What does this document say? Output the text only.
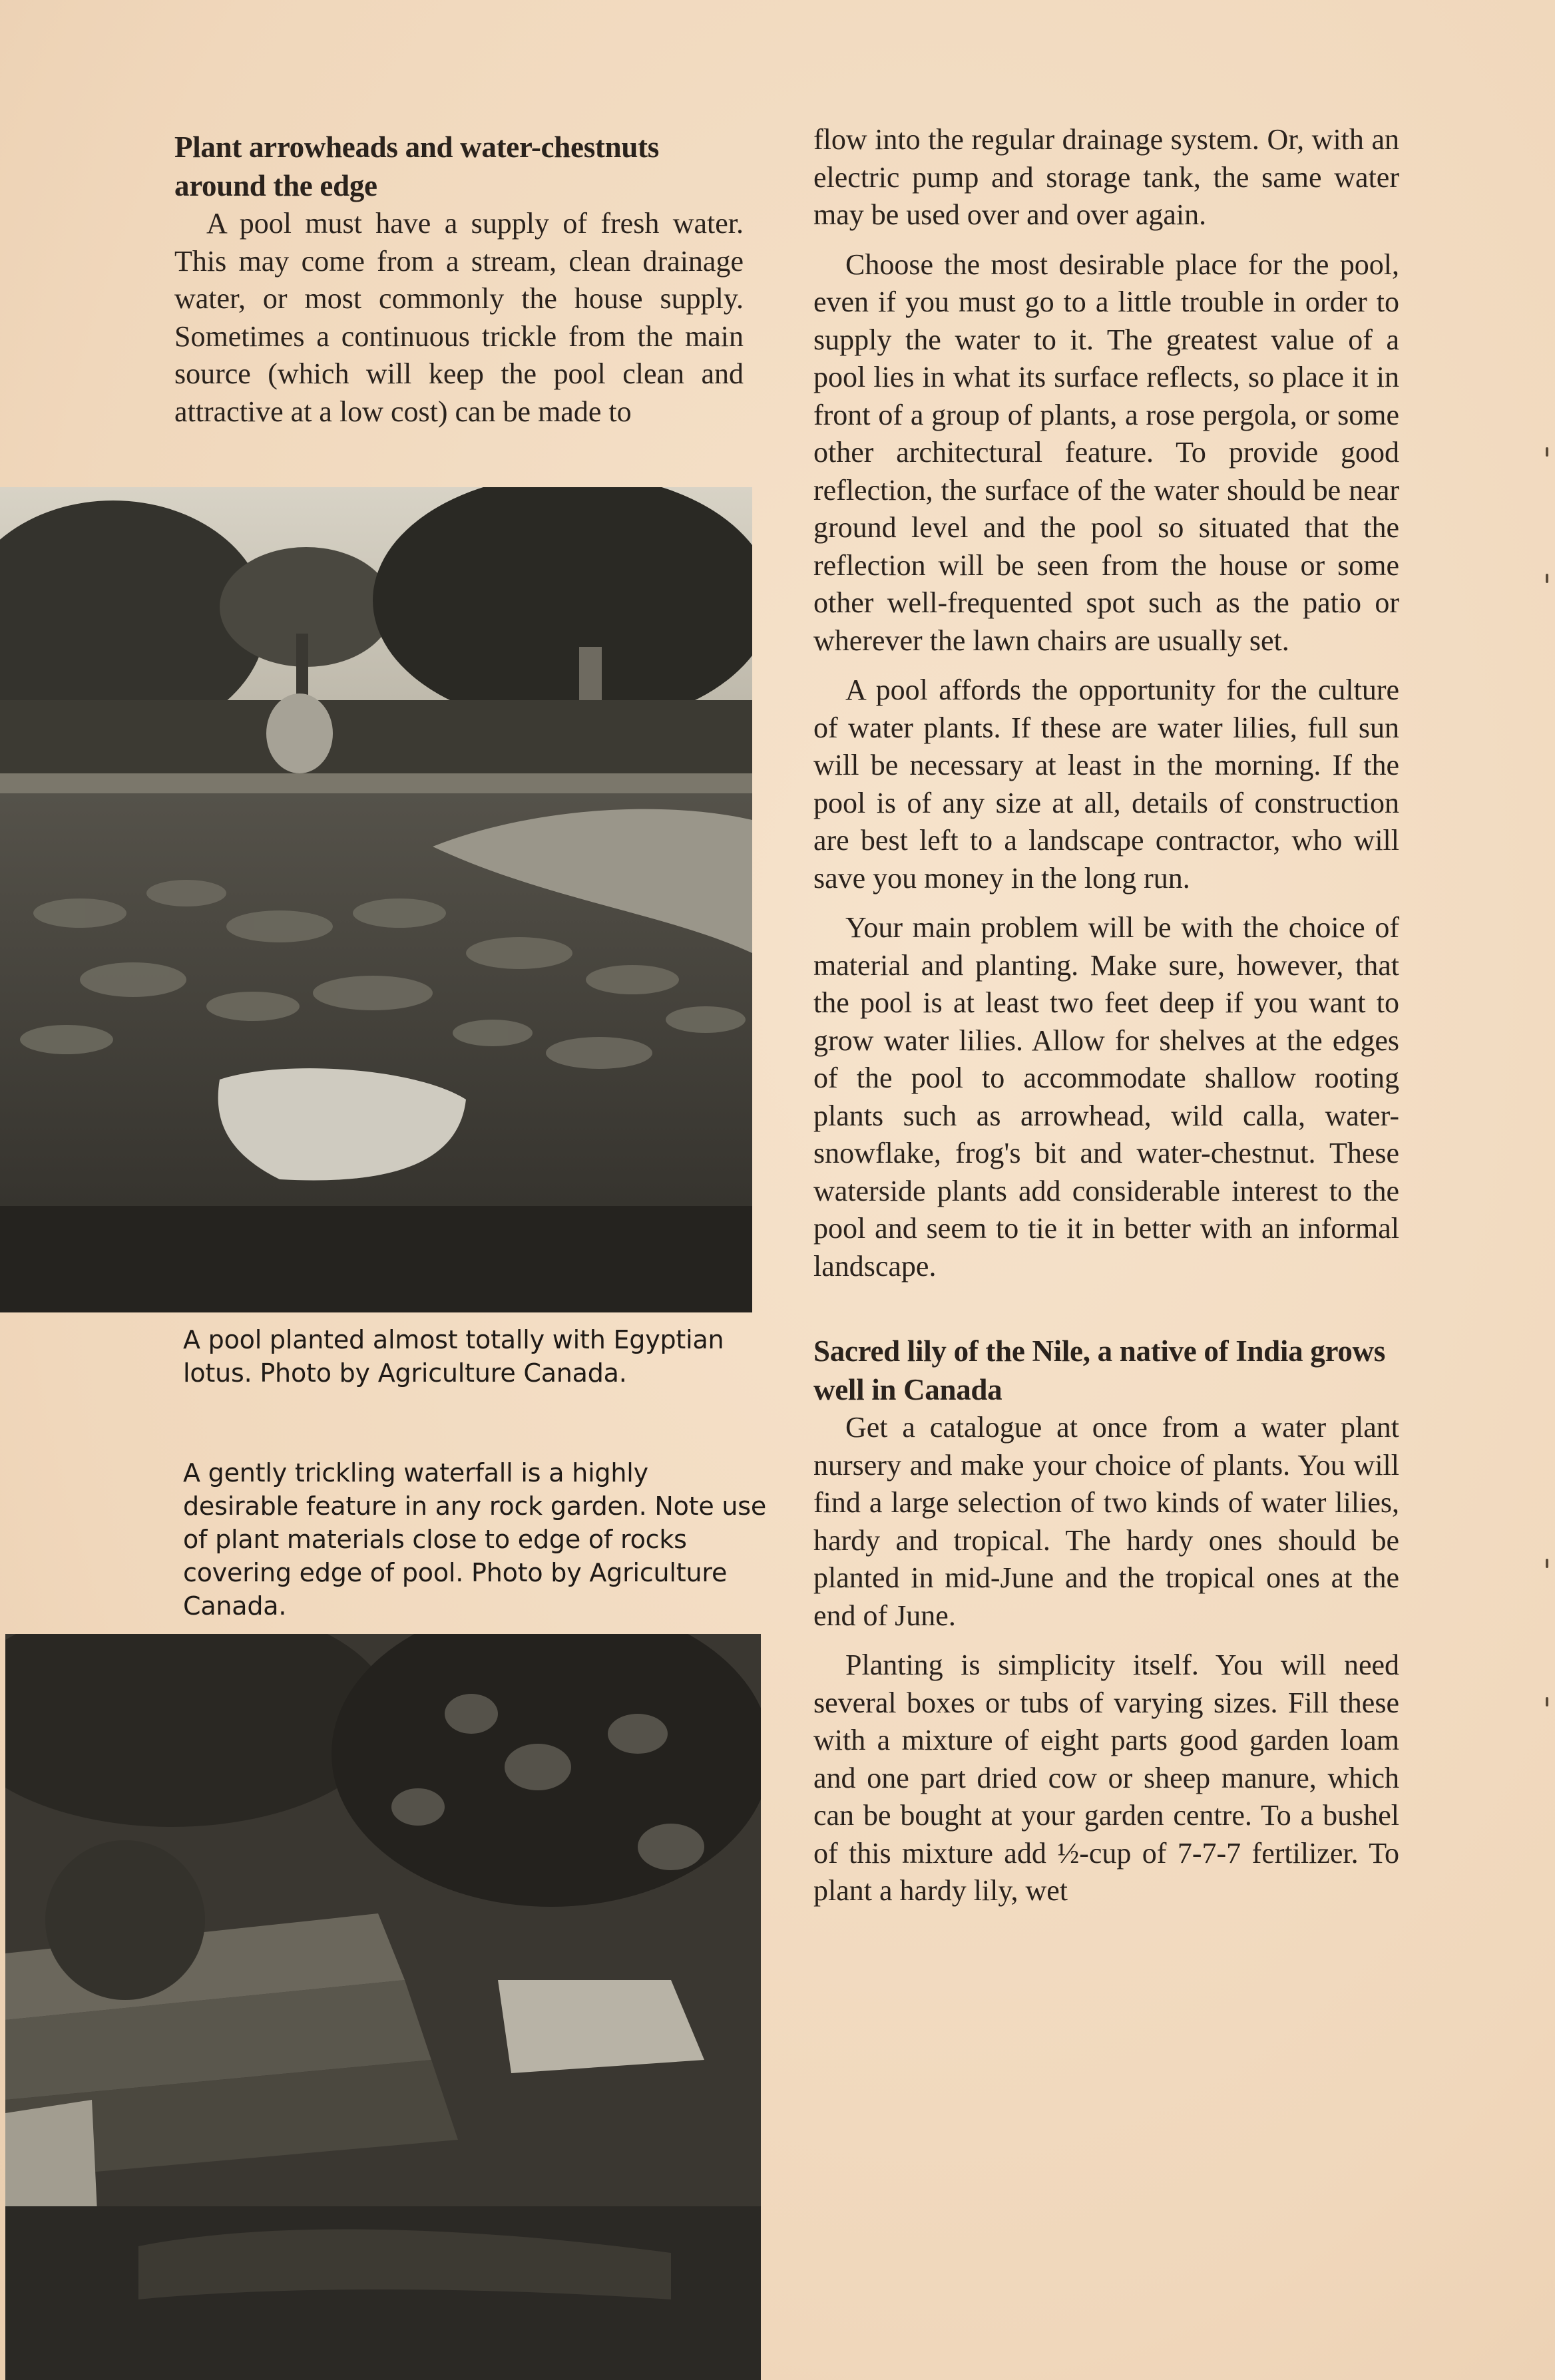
Plant arrowheads and water-chestnuts around the edge

A pool must have a supply of fresh water. This may come from a stream, clean drainage water, or most commonly the house supply. Sometimes a continuous trickle from the main source (which will keep the pool clean and attractive at a low cost) can be made to

A pool planted almost totally with Egyptian lotus. Photo by Agriculture Canada.

A gently trickling waterfall is a highly desirable feature in any rock garden. Note use of plant materials close to edge of rocks covering edge of pool. Photo by Agriculture Canada.

flow into the regular drainage system. Or, with an electric pump and storage tank, the same water may be used over and over again.

Choose the most desirable place for the pool, even if you must go to a little trouble in order to supply the water to it. The greatest value of a pool lies in what its surface reflects, so place it in front of a group of plants, a rose pergola, or some other architectural feature. To provide good reflection, the surface of the water should be near ground level and the pool so situated that the reflection will be seen from the house or some other well-frequented spot such as the patio or wherever the lawn chairs are usually set.

A pool affords the opportunity for the culture of water plants. If these are water lilies, full sun will be necessary at least in the morning. If the pool is of any size at all, details of construction are best left to a landscape contractor, who will save you money in the long run.

Your main problem will be with the choice of material and planting. Make sure, however, that the pool is at least two feet deep if you want to grow water lilies. Allow for shelves at the edges of the pool to accommodate shallow rooting plants such as arrowhead, wild calla, water-snowflake, frog's bit and water-chestnut. These waterside plants add considerable interest to the pool and seem to tie it in better with an informal landscape.

Sacred lily of the Nile, a native of India grows well in Canada

Get a catalogue at once from a water plant nursery and make your choice of plants. You will find a large selection of two kinds of water lilies, hardy and tropical. The hardy ones should be planted in mid-June and the tropical ones at the end of June.

Planting is simplicity itself. You will need several boxes or tubs of varying sizes. Fill these with a mixture of eight parts good garden loam and one part dried cow or sheep manure, which can be bought at your garden centre. To a bushel of this mixture add ½-cup of 7-7-7 fertilizer. To plant a hardy lily, wet
